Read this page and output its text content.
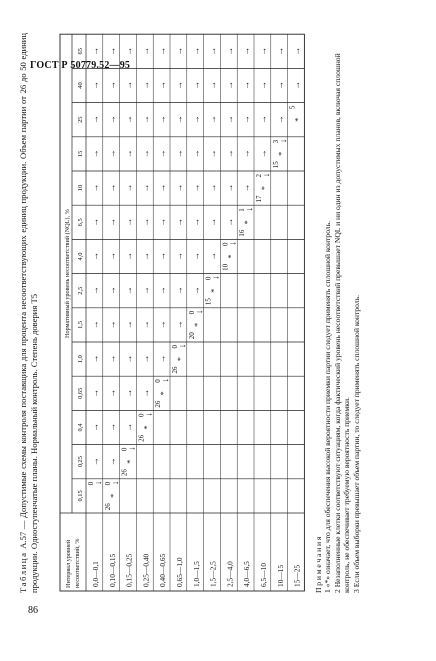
ГОСТ Р 50779.52—95
86
Таблица А.57 — Допустимые схемы контроля поставщика для процента несоответствующих единиц продукции. Объем партии от 26 до 50 единиц продукции. Одноступенчатые планы. Нормальный контроль. Степень доверия Т5	Интервал уровней несоответствий, %
Нормативный уровень несоответствий (NQL), %
0,15
0,25
0,4
0,65
1,0
1,5
2,5
4,0
6,5
10
15
25
40
65
0,0—0,1
0
→
→
→
→
→
→
→
→
→
→
→
→
→
↓
0,10—0,15
*
26
0
→
→
→
→
→
→
→
→
→
→
→
→
→
↓
0,15—0,25
*
26
0
→
→
→
→
→
→
→
→
→
→
→
→
↓
0,25—0,40
*
26
0
→
→
→
→
→
→
→
→
→
→
→
↓
0,40—0,65
*
26
0
→
→
→
→
→
→
→
→
→
→
↓
0,65—1,0
*
26
0
→
→
→
→
→
→
→
→
→
↓
1,0—1,5
*
20
0
→
→
→
→
→
→
→
→
↓
1,5—2,5
*
15
0
→
→
→
→
→
→
→
↓
2,5—4,0
*
10
0
→
→
→
→
→
→
↓
4,0—6,5
*
16
1
→
→
→
→
→
↓
6,5—10
*
17
2
→
→
→
→
↓
10—15
*
15
3
→
→
→
↓
15—25
*
5
→
→
Примечания 1 «*» означает, что для обеспечения высокой вероятности приемки партии следует применять сплошной контроль. 2 Незаполненные клетки соответствуют ситуациям, когда фактический уровень несоответствий превышает NQL и ни один из допустимых планов, включая сплошной контроль, не обеспечивает требуемую вероятность приемки. 3 Если объем выборки превышает объем партии, то следует применять сплошной контроль.
